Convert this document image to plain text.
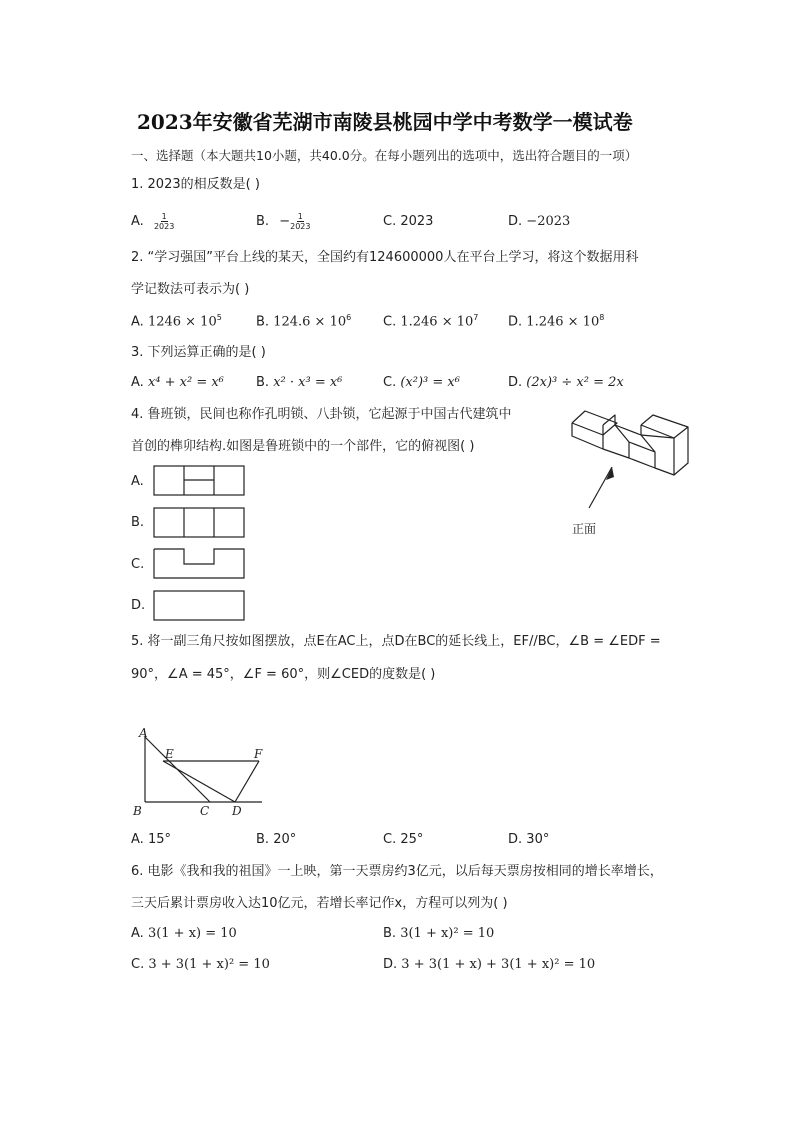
2023年安徽省芜湖市南陵县桃园中学中考数学一模试卷
一、选择题（本大题共10小题，共40.0分。在每小题列出的选项中，选出符合题目的一项）
1. 2023的相反数是( )
A. $\frac{1}{2023}$	B. − $\frac{1}{2023}$	C. 2023	D. −2023
2. “学习强国”平台上线的某天，全国约有124600000人在平台上学习，将这个数据用科
学记数法可表示为( )
A. $1246 \times 10^5$	B. $124.6 \times 10^6$ C. $1.246 \times 10^7$ D. $1.246 \times 10^8$
3. 下列运算正确的是( )
A. x⁴ + x² = x⁶ B. x² · x³ = x⁶	C. (x²)³ = x⁶	D. (2x)³ ÷ x² = 2x
4. 鲁班锁，民间也称作孔明锁、八卦锁，它起源于中国古代建筑中
首创的榫卯结构.如图是鲁班锁中的一个部件，它的俯视图( )
A.
B.
C.
D.
正面
5. 将一副三角尺按如图摆放，点E在AC上，点D在BC的延长线上，EF//BC，∠B = ∠EDF =
90°，∠A = 45°，∠F = 60°，则∠CED的度数是( )
A
E	F
B	C D
A. 15°	B. 20°	C. 25°	D. 30°
6. 电影《我和我的祖国》一上映，第一天票房约3亿元，以后每天票房按相同的增长率增长，
三天后累计票房收入达10亿元，若增长率记作x，方程可以列为( )
A. 3(1 + x) = 10	B. 3(1 + x)² = 10
C. 3 + 3(1 + x)² = 10	D. 3 + 3(1 + x) + 3(1 + x)² = 10
